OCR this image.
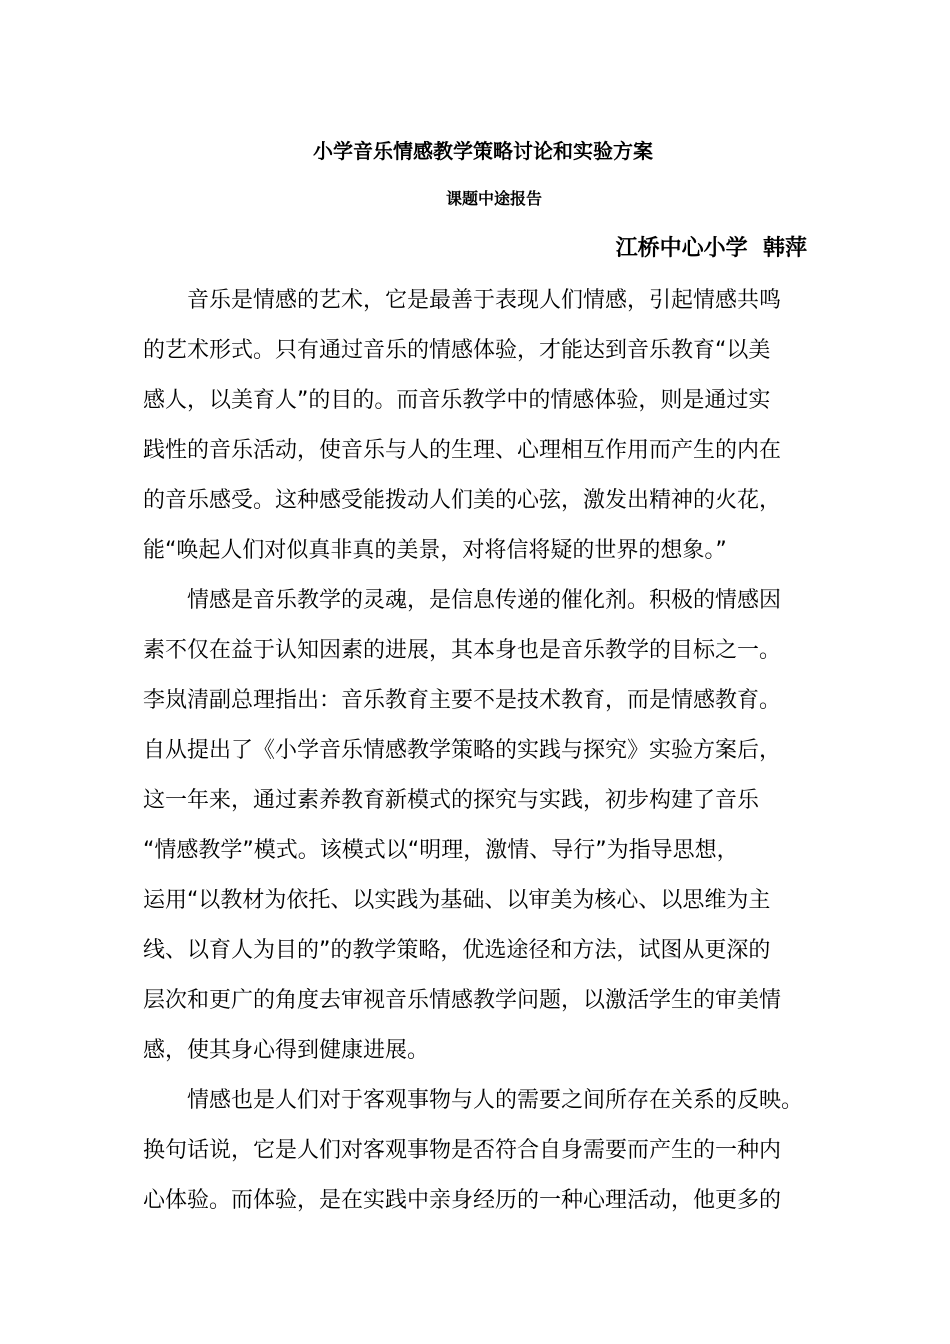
小学音乐情感教学策略讨论和实验方案
课题中途报告
江桥中心小学  韩萍
音乐是情感的艺术，它是最善于表现人们情感，引起情感共鸣
的艺术形式。只有通过音乐的情感体验，才能达到音乐教育“以美
感人，以美育人”的目的。而音乐教学中的情感体验，则是通过实
践性的音乐活动，使音乐与人的生理、心理相互作用而产生的内在
的音乐感受。这种感受能拨动人们美的心弦，激发出精神的火花，
能“唤起人们对似真非真的美景，对将信将疑的世界的想象。”
情感是音乐教学的灵魂，是信息传递的催化剂。积极的情感因
素不仅在益于认知因素的进展，其本身也是音乐教学的目标之一。
李岚清副总理指出：音乐教育主要不是技术教育，而是情感教育。
自从提出了《小学音乐情感教学策略的实践与探究》实验方案后，
这一年来，通过素养教育新模式的探究与实践，初步构建了音乐
“情感教学”模式。该模式以“明理，激情、导行”为指导思想，
运用“以教材为依托、以实践为基础、以审美为核心、以思维为主
线、以育人为目的”的教学策略，优选途径和方法，试图从更深的
层次和更广的角度去审视音乐情感教学问题，以激活学生的审美情
感，使其身心得到健康进展。
情感也是人们对于客观事物与人的需要之间所存在关系的反映。
换句话说，它是人们对客观事物是否符合自身需要而产生的一种内
心体验。而体验，是在实践中亲身经历的一种心理活动，他更多的
